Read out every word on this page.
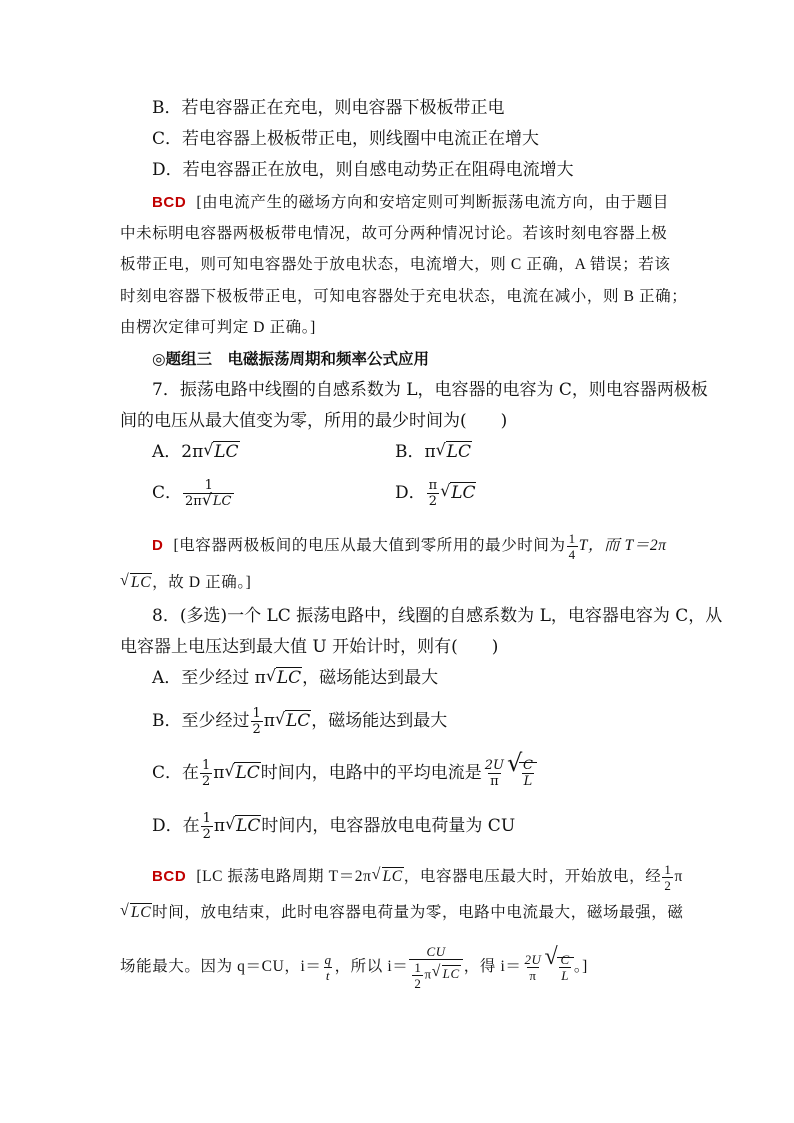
B．若电容器正在充电，则电容器下极板带正电
C．若电容器上极板带正电，则线圈中电流正在增大
D．若电容器正在放电，则自感电动势正在阻碍电流增大
BCD [由电流产生的磁场方向和安培定则可判断振荡电流方向，由于题目
中未标明电容器两极板带电情况，故可分两种情况讨论。若该时刻电容器上极
板带正电，则可知电容器处于放电状态，电流增大，则 C 正确，A 错误；若该
时刻电容器下极板带正电，可知电容器处于充电状态，电流在减小，则 B 正确；
由楞次定律可判定 D 正确。]
◎题组三　电磁振荡周期和频率公式应用
7．振荡电路中线圈的自感系数为 L，电容器的电容为 C，则电容器两极板
间的电压从最大值变为零，所用的最少时间为(　　)
A．2π√ LC	B．π√ LC
C． $\frac{1}{2\pi√ LC}$	D． $\frac{\pi}{2}$
√ LC
D [电容器两极板间的电压从最大值到零所用的最少时间为 $\frac{1}{4}$ T，而 T＝2π
√ LC，故 D 正确。]
8．(多选)一个 LC 振荡电路中，线圈的自感系数为 L，电容器电容为 C，从
电容器上电压达到最大值 U 开始计时，则有(　　)
A．至少经过 π√ LC，磁场能达到最大
B．至少经过 $\frac{1}{2} \pi√$ LC，磁场能达到最大
C．在 $\frac{1}{2} \pi√$ LC时间内，电路中的平均电流是 $\frac{2U}{\pi}$
√ $\frac{C}{L}$
D．在 $\frac{1}{2} \pi√$ LC时间内，电容器放电电荷量为 CU
BCD [LC 振荡电路周期 T＝2π√ LC，电容器电压最大时，开始放电，经 $\frac{1}{2}$ π
√ LC时间，放电结束，此时电容器电荷量为零，电路中电流最大，磁场最强，磁
场能最大。因为 q＝CU，$i= \frac{q}{t}$ ，所以 $i= \frac{CU}{\frac{1}{2} \pi√ LC}$ ，得 $i= \frac{2U}{\pi}$
√ $\frac{C}{L}$ 。]
